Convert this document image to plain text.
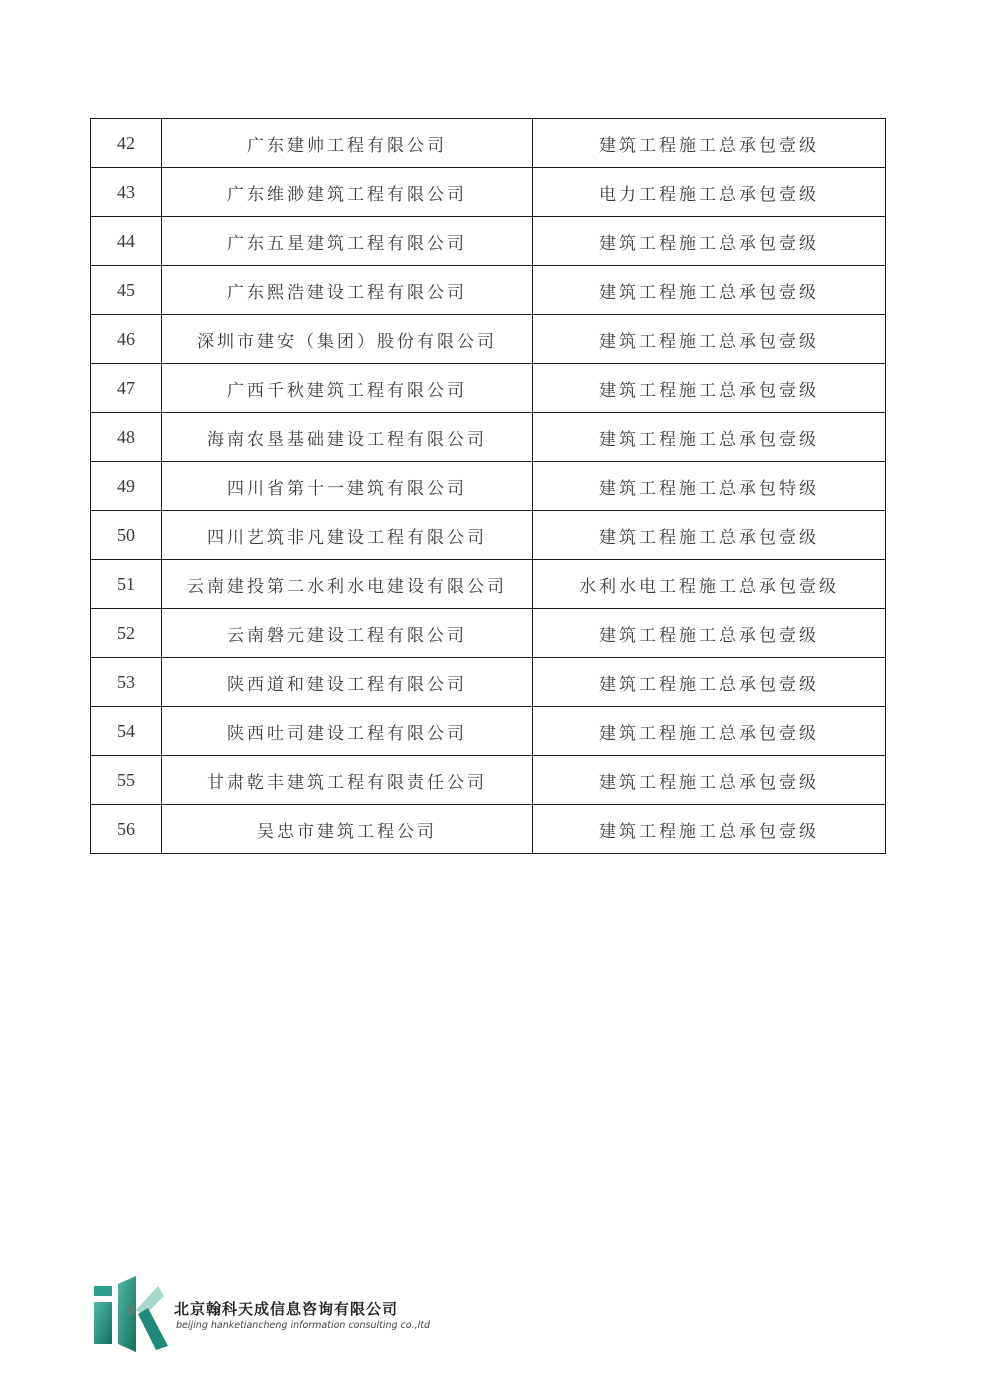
42	广东建帅工程有限公司	建筑工程施工总承包壹级
43	广东维渺建筑工程有限公司	电力工程施工总承包壹级
44	广东五星建筑工程有限公司	建筑工程施工总承包壹级
45	广东熙浩建设工程有限公司	建筑工程施工总承包壹级
46	深圳市建安（集团）股份有限公司	建筑工程施工总承包壹级
47	广西千秋建筑工程有限公司	建筑工程施工总承包壹级
48	海南农垦基础建设工程有限公司	建筑工程施工总承包壹级
49	四川省第十一建筑有限公司	建筑工程施工总承包特级
50	四川艺筑非凡建设工程有限公司	建筑工程施工总承包壹级
51	云南建投第二水利水电建设有限公司	水利水电工程施工总承包壹级
52	云南磐元建设工程有限公司	建筑工程施工总承包壹级
53	陕西道和建设工程有限公司	建筑工程施工总承包壹级
54	陕西吐司建设工程有限公司	建筑工程施工总承包壹级
55	甘肃乾丰建筑工程有限责任公司	建筑工程施工总承包壹级
56	吴忠市建筑工程公司	建筑工程施工总承包壹级
6	北京翰科天成信息咨询有限公司
beijing hanketiancheng information consulting co.,ltd
